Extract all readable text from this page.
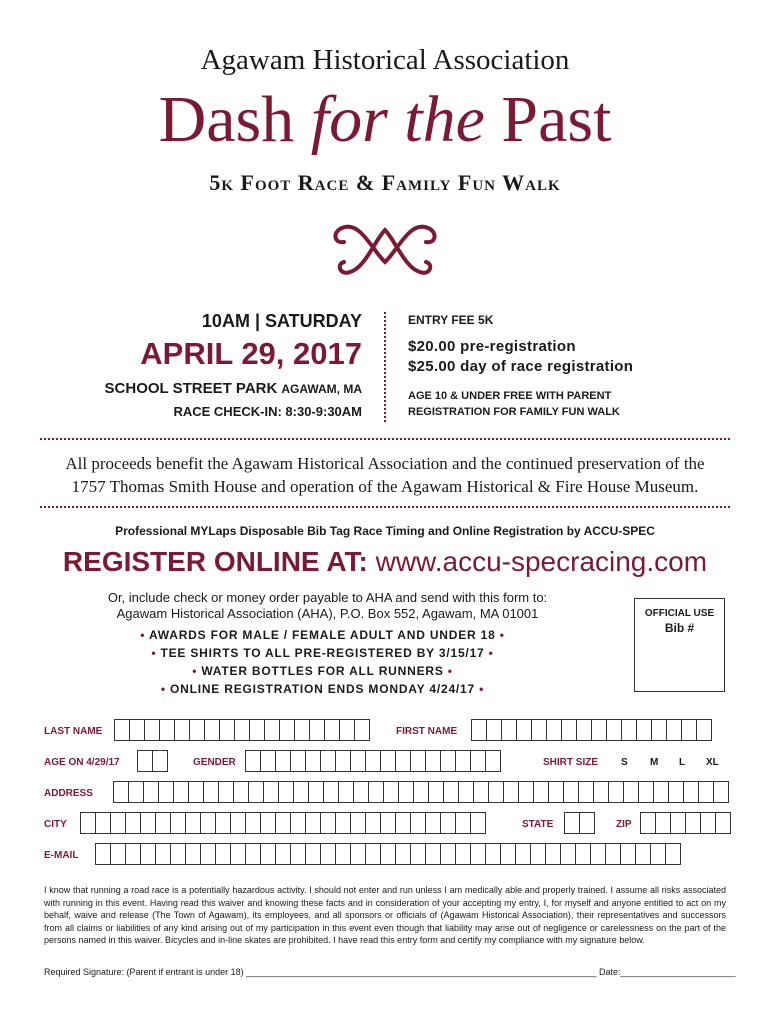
Agawam Historical Association
Dash for the Past
5k Foot Race & Family Fun Walk
10AM | SATURDAY
APRIL 29, 2017
SCHOOL STREET PARK AGAWAM, MA
RACE CHECK-IN: 8:30-9:30AM
ENTRY FEE 5K
$20.00 pre-registration
$25.00 day of race registration
AGE 10 & UNDER FREE WITH PARENT
REGISTRATION FOR FAMILY FUN WALK
All proceeds benefit the Agawam Historical Association and the continued preservation of the
1757 Thomas Smith House and operation of the Agawam Historical & Fire House Museum.
Professional MYLaps Disposable Bib Tag Race Timing and Online Registration by ACCU-SPEC
REGISTER ONLINE AT: www.accu-specracing.com
Or, include check or money order payable to AHA and send with this form to:
Agawam Historical Association (AHA), P.O. Box 552, Agawam, MA 01001
• AWARDS FOR MALE / FEMALE ADULT AND UNDER 18 •
• TEE SHIRTS TO ALL PRE-REGISTERED BY 3/15/17 •
• WATER BOTTLES FOR ALL RUNNERS •
• ONLINE REGISTRATION ENDS MONDAY 4/24/17 •
OFFICIAL USE
Bib #
LAST NAME	FIRST NAME
AGE ON 4/29/17	GENDER	SHIRT SIZE S M L XL
ADDRESS
CITY	STATE	ZIP
E-MAIL
I know that running a road race is a potentially hazardous activity. I should not enter and run unless I am medically able and properly trained. I assume all risks associated with running in this event. Having read this waiver and knowing these facts and in consideration of your accepting my entry, I, for myself and anyone entitled to act on my behalf, waive and release (The Town of Agawam), its employees, and all sponsors or officials of (Agawam Historical Association), their representatives and successors from all claims or liabilities of any kind arising out of my participation in this event even though that liability may arise out of negligence or carelessness on the part of the persons named in this waiver. Bicycles and in-line skates are prohibited. I have read this entry form and certify my compliance with my signature below.
Required Signature: (Parent if entrant is under 18) ______________________________________________________________________ Date:_______________________
